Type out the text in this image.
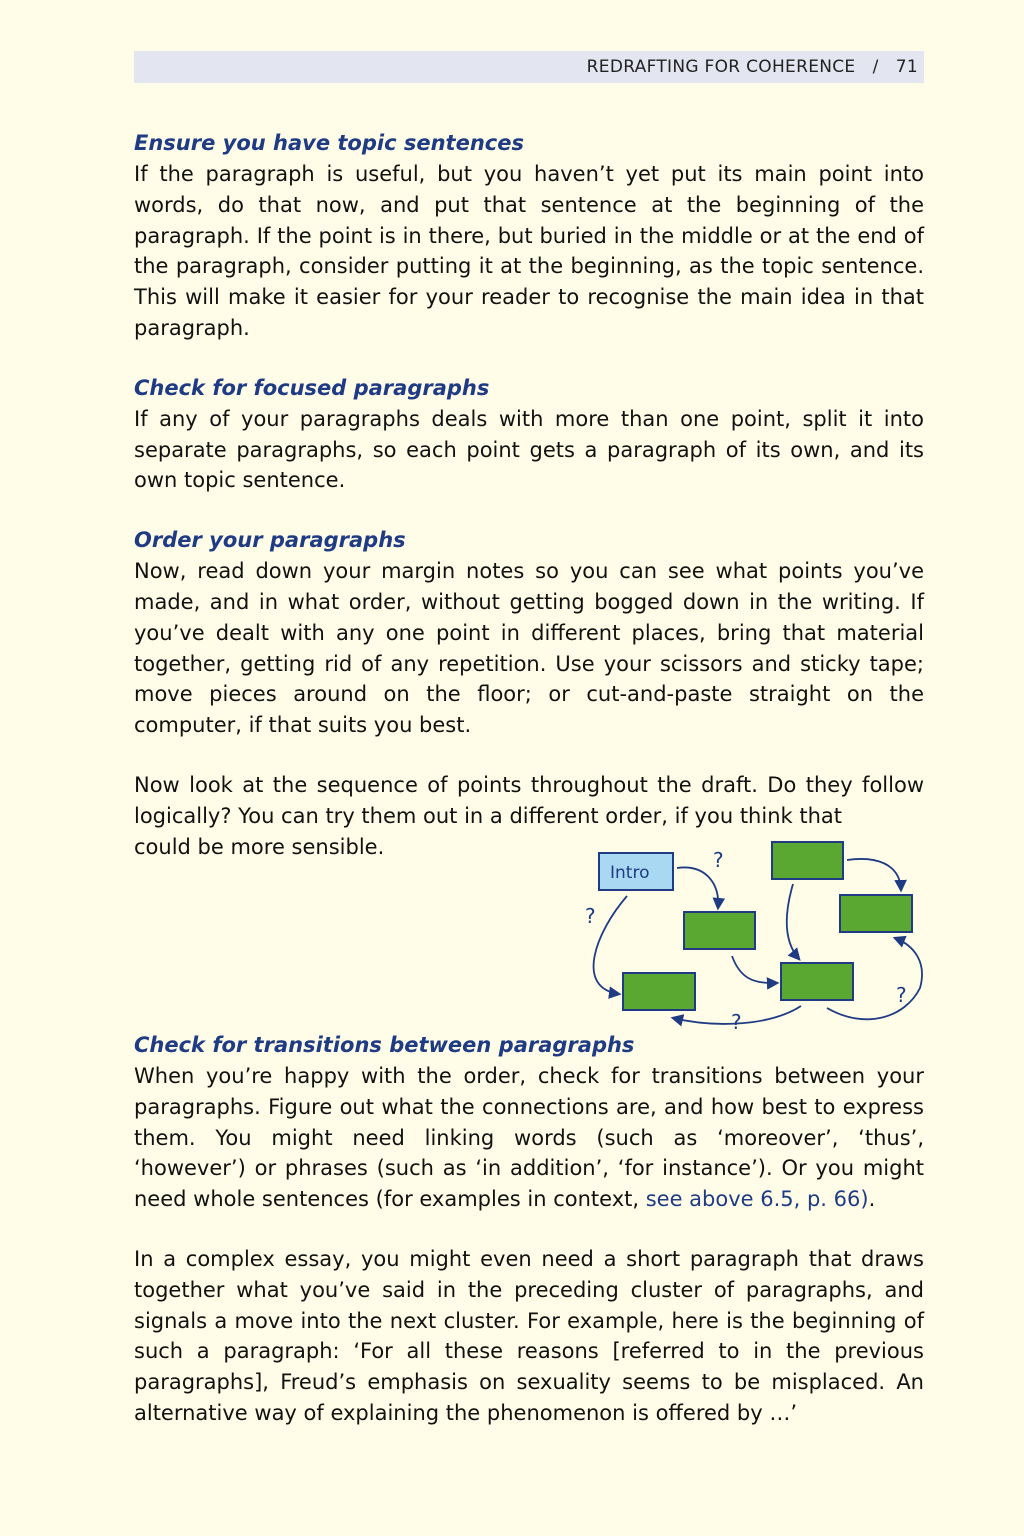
REDRAFTING FOR COHERENCE / 71

Ensure you have topic sentences

If the paragraph is useful, but you haven’t yet put its main point into words, do that now, and put that sentence at the beginning of the paragraph. If the point is in there, but buried in the middle or at the end of the paragraph, consider putting it at the beginning, as the topic sentence. This will make it easier for your reader to recognise the main idea in that paragraph.

Check for focused paragraphs

If any of your paragraphs deals with more than one point, split it into separate paragraphs, so each point gets a paragraph of its own, and its own topic sentence.

Order your paragraphs

Now, read down your margin notes so you can see what points you’ve made, and in what order, without getting bogged down in the writing. If you’ve dealt with any one point in different places, bring that material together, getting rid of any repetition. Use your scissors and sticky tape; move pieces around on the floor; or cut-and-paste straight on the computer, if that suits you best.

Now look at the sequence of points throughout the draft. Do they follow logically? You can try them out in a different order, if you think that

could be more sensible.

Check for transitions between paragraphs

When you’re happy with the order, check for transitions between your paragraphs. Figure out what the connections are, and how best to express them. You might need linking words (such as ‘moreover’, ‘thus’, ‘however’) or phrases (such as ‘in addition’, ‘for instance’). Or you might need whole sentences (for examples in context, see above 6.5, p. 66).

In a complex essay, you might even need a short paragraph that draws together what you’ve said in the preceding cluster of paragraphs, and signals a move into the next cluster. For example, here is the beginning of such a paragraph: ‘For all these reasons [referred to in the previous paragraphs], Freud’s emphasis on sexuality seems to be misplaced. An alternative way of explaining the phenomenon is offered by …’

Intro
?
?
?
?
